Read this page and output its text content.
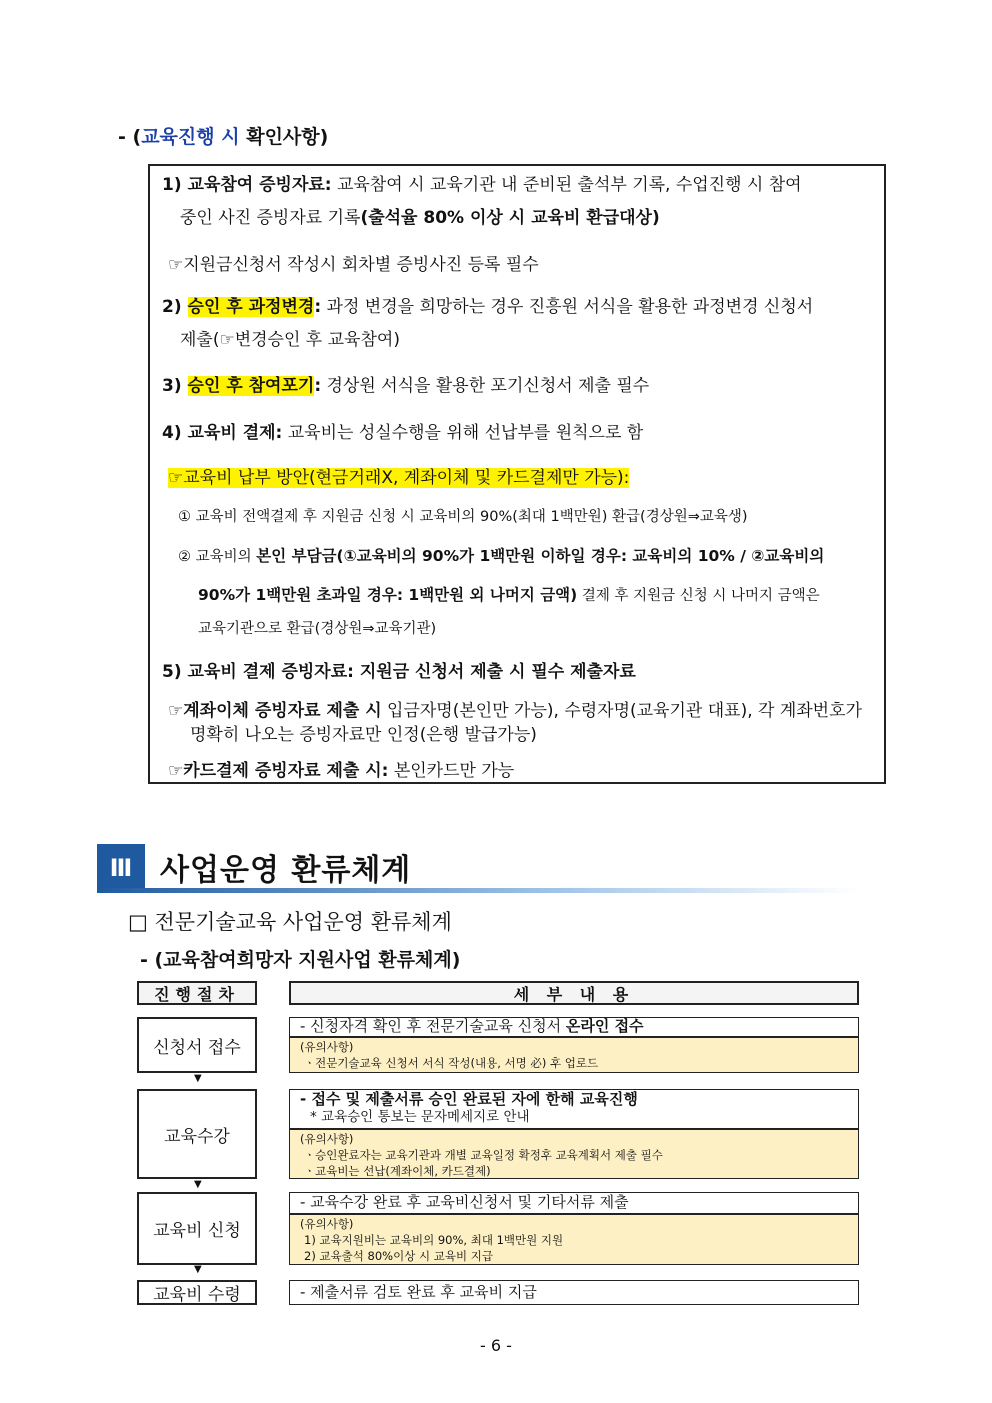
- (교육진행 시 확인사항)
1) 교육참여 증빙자료: 교육참여 시 교육기관 내 준비된 출석부 기록, 수업진행 시 참여
중인 사진 증빙자료 기록(출석율 80% 이상 시 교육비 환급대상)
☞지원금신청서 작성시 회차별 증빙사진 등록 필수
2) 승인 후 과정변경: 과정 변경을 희망하는 경우 진흥원 서식을 활용한 과정변경 신청서
제출(☞변경승인 후 교육참여)
3) 승인 후 참여포기: 경상원 서식을 활용한 포기신청서 제출 필수
4) 교육비 결제: 교육비는 성실수행을 위해 선납부를 원칙으로 함
☞교육비 납부 방안(현금거래X, 계좌이체 및 카드결제만 가능):
① 교육비 전액결제 후 지원금 신청 시 교육비의 90%(최대 1백만원) 환급(경상원⇒교육생)
② 교육비의 본인 부담금(①교육비의 90%가 1백만원 이하일 경우: 교육비의 10% / ②교육비의
90%가 1백만원 초과일 경우: 1백만원 외 나머지 금액) 결제 후 지원금 신청 시 나머지 금액은
교육기관으로 환급(경상원⇒교육기관)
5) 교육비 결제 증빙자료: 지원금 신청서 제출 시 필수 제출자료
☞계좌이체 증빙자료 제출 시 입금자명(본인만 가능), 수령자명(교육기관 대표), 각 계좌번호가
명확히 나오는 증빙자료만 인정(은행 발급가능)
☞카드결제 증빙자료 제출 시: 본인카드만 가능
Ⅲ 사업운영 환류체계
□ 전문기술교육 사업운영 환류체계
- (교육참여희망자 지원사업 환류체계)
진행절차	세 부 내 용
신청서 접수
▼
- 신청자격 확인 후 전문기술교육 신청서 온라인 접수
(유의사항)
ㆍ전문기술교육 신청서 서식 작성(내용, 서명 必) 후 업로드
교육수강
▼
- 접수 및 제출서류 승인 완료된 자에 한해 교육진행
* 교육승인 통보는 문자메세지로 안내
(유의사항)
ㆍ승인완료자는 교육기관과 개별 교육일정 확정후 교육계획서 제출 필수
ㆍ교육비는 선납(계좌이체, 카드결제)
교육비 신청
▼
- 교육수강 완료 후 교육비신청서 및 기타서류 제출
(유의사항)
1) 교육지원비는 교육비의 90%, 최대 1백만원 지원
2) 교육출석 80%이상 시 교육비 지급
교육비 수령	- 제출서류 검토 완료 후 교육비 지급
- 6 -
